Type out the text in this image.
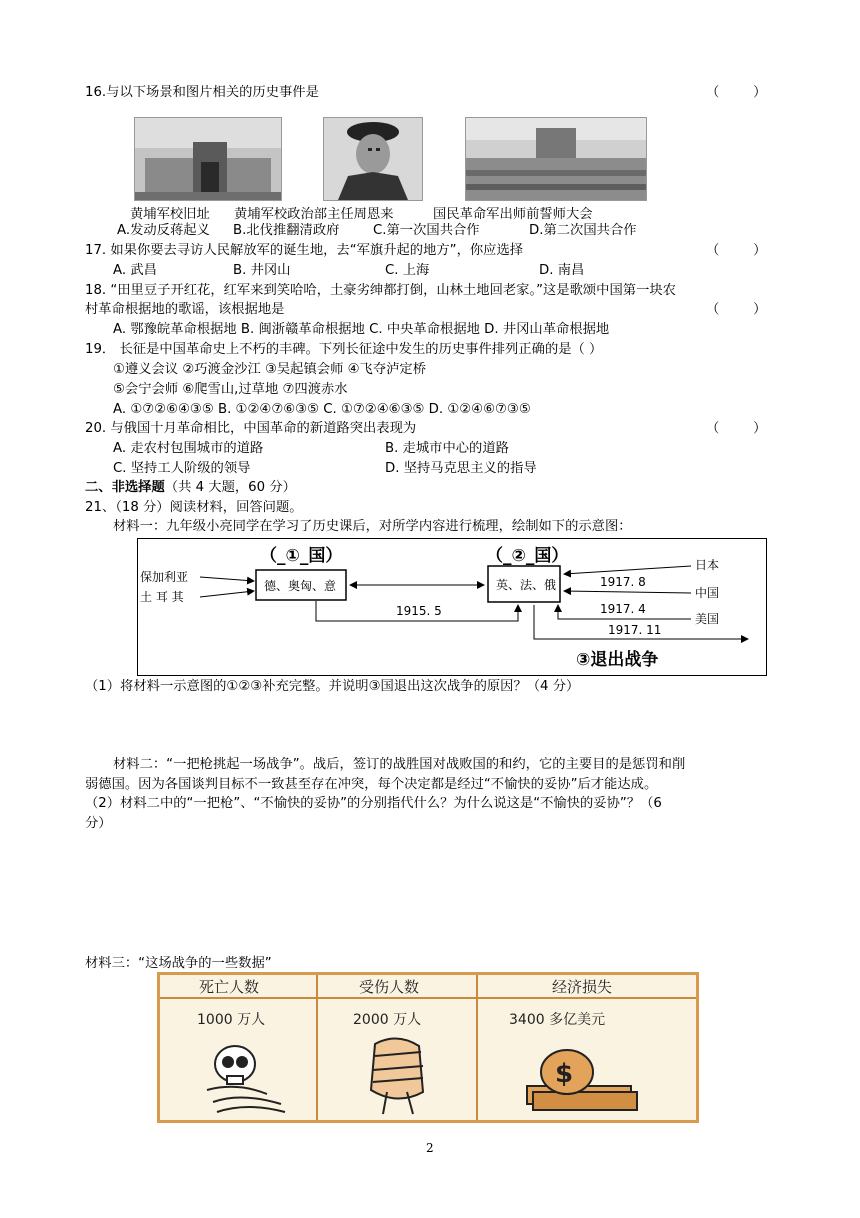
16.与以下场景和图片相关的历史事件是	（        ）
黄埔军校旧址 黄埔军校政治部主任周恩来	国民革命军出师前誓师大会
A.发动反蒋起义 B.北伐推翻清政府	C.第一次国共合作	D.第二次国共合作
17. 如果你要去寻访人民解放军的诞生地，去“军旗升起的地方”，你应选择	（        ）
A. 武昌	B. 井冈山	C. 上海	D. 南昌
18. “田里豆子开红花，红军来到笑哈哈，土豪劣绅都打倒，山林土地回老家。”这是歌颂中国第一块农
村革命根据地的歌谣，该根据地是	（        ）
A. 鄂豫皖革命根据地 B. 闽浙赣革命根据地 C. 中央革命根据地 D. 井冈山革命根据地
19． 长征是中国革命史上不朽的丰碑。下列长征途中发生的历史事件排列正确的是（ ）
①遵义会议 ②巧渡金沙江 ③吴起镇会师 ④飞夺泸定桥
⑤会宁会师 ⑥爬雪山,过草地 ⑦四渡赤水
A. ①⑦②⑥④③⑤ B. ①②④⑦⑥③⑤ C. ①⑦②④⑥③⑤ D. ①②④⑥⑦③⑤
20. 与俄国十月革命相比，中国革命的新道路突出表现为	（        ）
A. 走农村包围城市的道路	B. 走城市中心的道路
C. 坚持工人阶级的领导	D. 坚持马克思主义的指导
二、非选择题（共 4 大题，60 分）
21、（18 分）阅读材料，回答问题。
材料一：九年级小亮同学在学习了历史课后，对所学内容进行梳理，绘制如下的示意图：
（_①_国）	（_②_国）
德、奥匈、意	英、法、俄
保加利亚
土 耳 其
日本
中国
美国
1917. 8
1917. 4
1917. 11
1915. 5
③退出战争
（1）将材料一示意图的①②③补充完整。并说明③国退出这次战争的原因？（4 分）
材料二：“一把枪挑起一场战争”。战后，签订的战胜国对战败国的和约，它的主要目的是惩罚和削
弱德国。因为各国谈判目标不一致甚至存在冲突，每个决定都是经过“不愉快的妥协”后才能达成。
（2）材料二中的“一把枪”、“不愉快的妥协”的分别指代什么？为什么说这是“不愉快的妥协”？（6
分）
材料三：“这场战争的一些数据”
死亡人数	受伤人数	经济损失
1000 万人	2000 万人	3400 多亿美元
$
2
